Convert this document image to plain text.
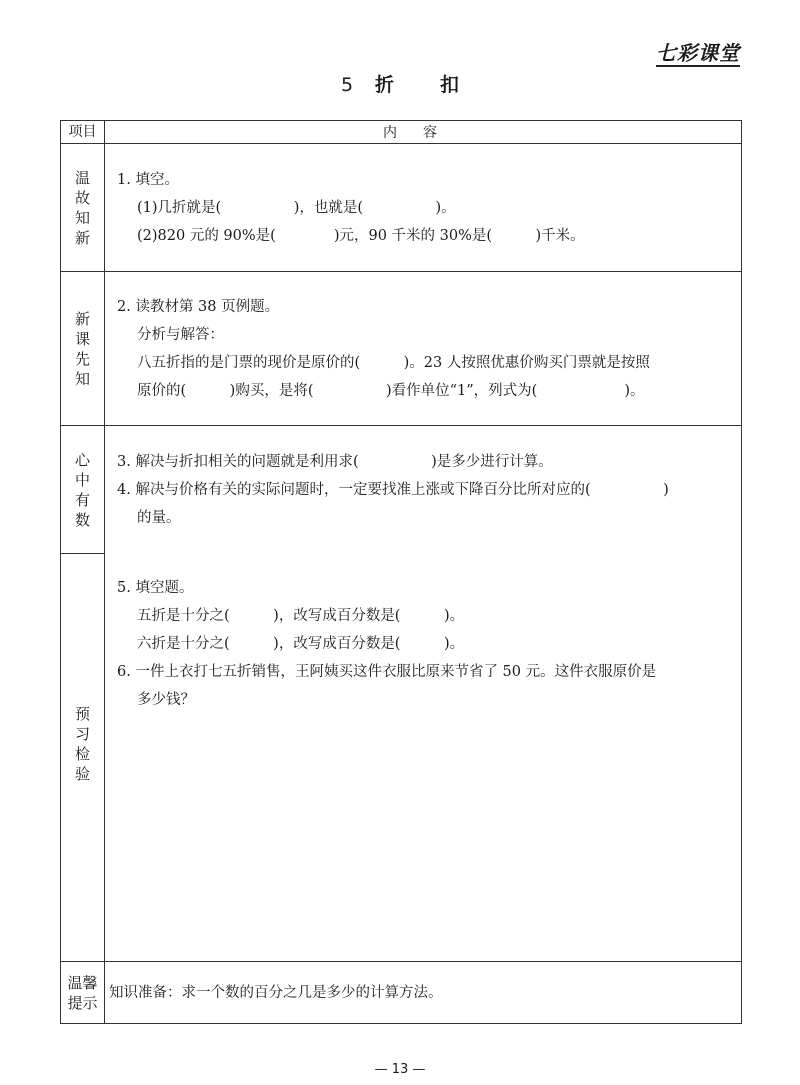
七彩课堂
5 折 扣
项目	内容
温故知新	1. 填空。
(1)几折就是(　　　　　)，也就是(　　　　　)。
(2)820 元的 90%是(　　　　)元，90 千米的 30%是(　　　)千米。

新课先知	2. 读教材第 38 页例题。
分析与解答：
八五折指的是门票的现价是原价的(　　　)。23 人按照优惠价购买门票就是按照
原价的(　　　)购买，是将(　　　　　)看作单位“1”，列式为(　　　　　　)。

心中有数	3. 解决与折扣相关的问题就是利用求(　　　　　)是多少进行计算。
4. 解决与价格有关的实际问题时，一定要找准上涨或下降百分比所对应的(　　　　　)
的量。

预习检验	5. 填空题。
五折是十分之(　　　)，改写成百分数是(　　　)。
六折是十分之(　　　)，改写成百分数是(　　　)。
6. 一件上衣打七五折销售，王阿姨买这件衣服比原来节省了 50 元。这件衣服原价是
多少钱？

温馨提示	知识准备：求一个数的百分之几是多少的计算方法。
— 13 —
